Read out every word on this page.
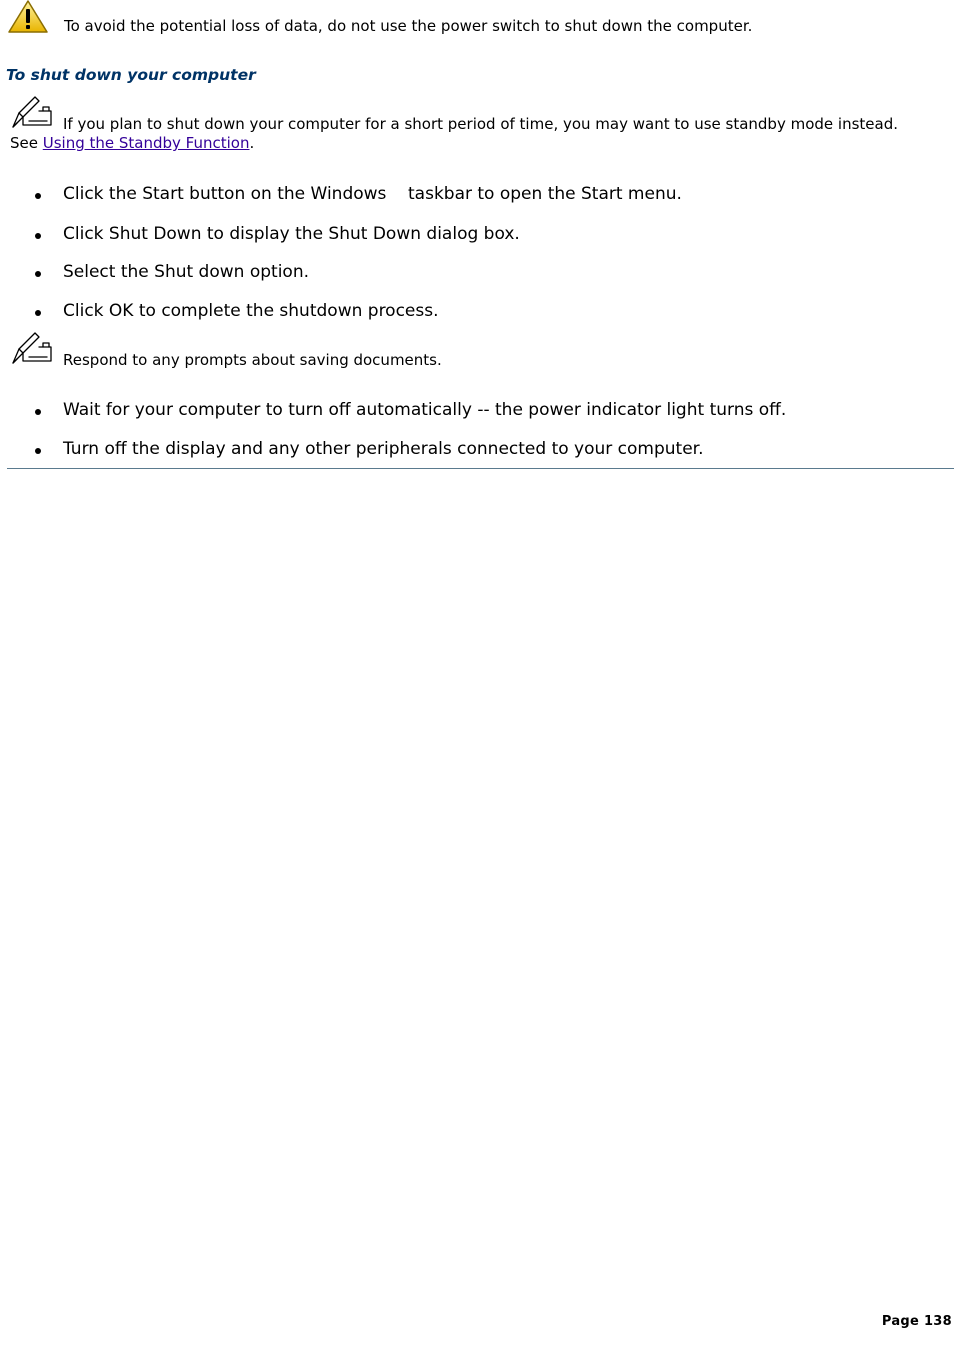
To avoid the potential loss of data, do not use the power switch to shut down the computer.
To shut down your computer
If you plan to shut down your computer for a short period of time, you may want to use standby mode instead. See Using the Standby Function.
Click the Start button on the Windows    taskbar to open the Start menu.
Click Shut Down to display the Shut Down dialog box.
Select the Shut down option.
Click OK to complete the shutdown process.
Respond to any prompts about saving documents.
Wait for your computer to turn off automatically -- the power indicator light turns off.
Turn off the display and any other peripherals connected to your computer.
Page 138
